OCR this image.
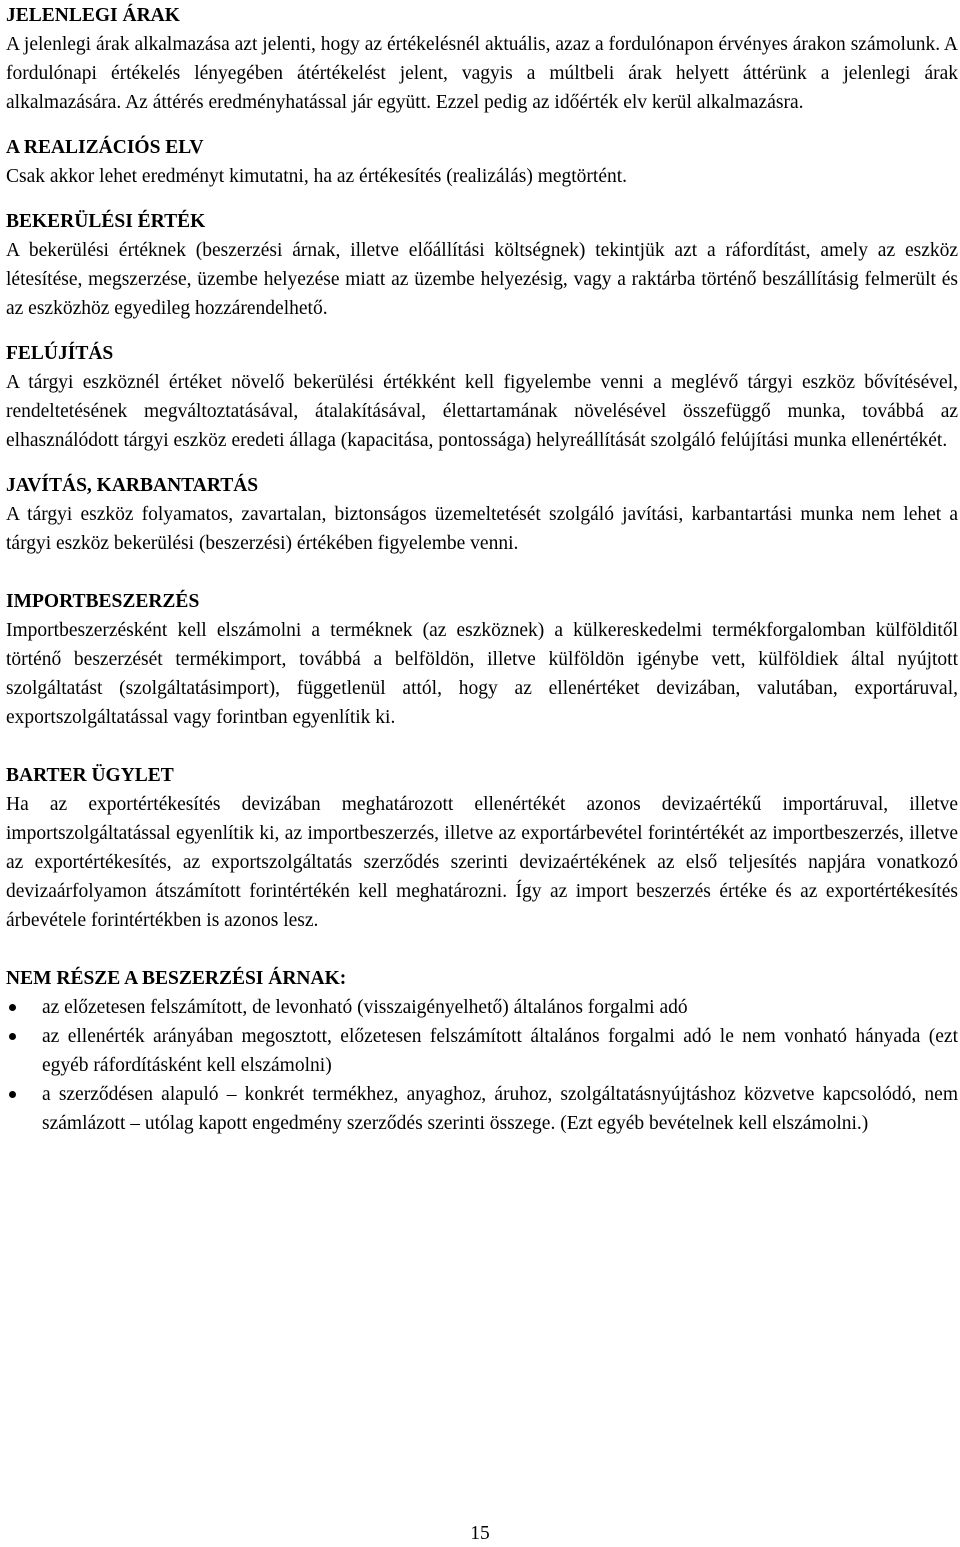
JELENLEGI ÁRAK

A jelenlegi árak alkalmazása azt jelenti, hogy az értékelésnél aktuális, azaz a fordulónapon érvényes árakon számolunk. A fordulónapi értékelés lényegében átértékelést jelent, vagyis a múltbeli árak helyett áttérünk a jelenlegi árak alkalmazására. Az áttérés eredményhatással jár együtt. Ezzel pedig az időérték elv kerül alkalmazásra.

A REALIZÁCIÓS ELV

Csak akkor lehet eredményt kimutatni, ha az értékesítés (realizálás) megtörtént.

BEKERÜLÉSI ÉRTÉK

A bekerülési értéknek (beszerzési árnak, illetve előállítási költségnek) tekintjük azt a ráfordítást, amely az eszköz létesítése, megszerzése, üzembe helyezése miatt az üzembe helyezésig, vagy a raktárba történő beszállításig felmerült és az eszközhöz egyedileg hozzárendelhető.

FELÚJÍTÁS

A tárgyi eszköznél értéket növelő bekerülési értékként kell figyelembe venni a meglévő tárgyi eszköz bővítésével, rendeltetésének megváltoztatásával, átalakításával, élettartamának növelésével összefüggő munka, továbbá az elhasználódott tárgyi eszköz eredeti állaga (kapacitása, pontossága) helyreállítását szolgáló felújítási munka ellenértékét.

JAVÍTÁS, KARBANTARTÁS

A tárgyi eszköz folyamatos, zavartalan, biztonságos üzemeltetését szolgáló javítási, karbantartási munka nem lehet a tárgyi eszköz bekerülési (beszerzési) értékében figyelembe venni.

IMPORTBESZERZÉS

Importbeszerzésként kell elszámolni a terméknek (az eszköznek) a külkereskedelmi termékforgalomban külfölditől történő beszerzését termékimport, továbbá a belföldön, illetve külföldön igénybe vett, külföldiek által nyújtott szolgáltatást (szolgáltatásimport), függetlenül attól, hogy az ellenértéket devizában, valutában, exportáruval, exportszolgáltatással vagy forintban egyenlítik ki.

BARTER ÜGYLET

Ha az exportértékesítés devizában meghatározott ellenértékét azonos devizaértékű importáruval, illetve importszolgáltatással egyenlítik ki, az importbeszerzés, illetve az exportárbevétel forintértékét az importbeszerzés, illetve az exportértékesítés, az exportszolgáltatás szerződés szerinti devizaértékének az első teljesítés napjára vonatkozó devizaárfolyamon átszámított forintértékén kell meghatározni. Így az import beszerzés értéke és az exportértékesítés árbevétele forintértékben is azonos lesz.

NEM RÉSZE A BESZERZÉSI ÁRNAK:
az előzetesen felszámított, de levonható (visszaigényelhető) általános forgalmi adó
az ellenérték arányában megosztott, előzetesen felszámított általános forgalmi adó le nem vonható hányada (ezt egyéb ráfordításként kell elszámolni)
a szerződésen alapuló – konkrét termékhez, anyaghoz, áruhoz, szolgáltatásnyújtáshoz közvetve kapcsolódó, nem számlázott – utólag kapott engedmény szerződés szerinti összege. (Ezt egyéb bevételnek kell elszámolni.)
15
